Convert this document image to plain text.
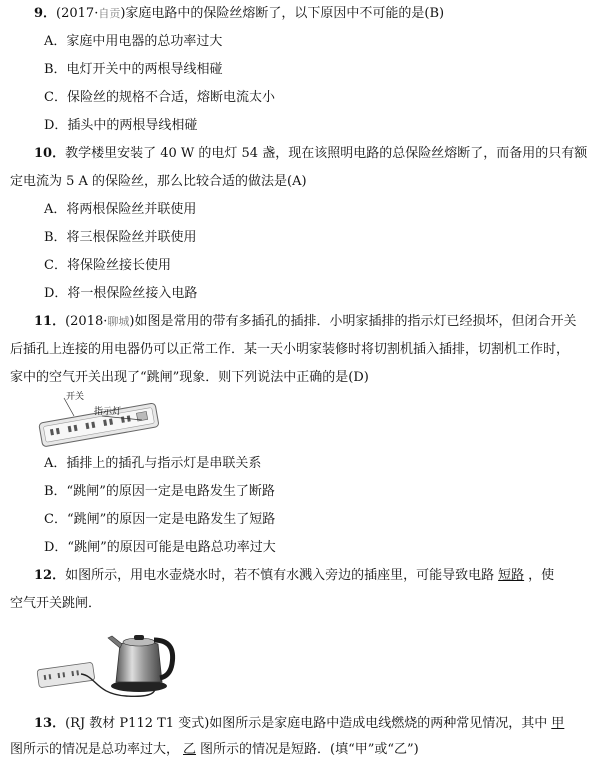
9．(2017·自贡)家庭电路中的保险丝熔断了，以下原因中不可能的是(B)
A．家庭中用电器的总功率过大
B．电灯开关中的两根导线相碰
C．保险丝的规格不合适，熔断电流太小
D．插头中的两根导线相碰
10．教学楼里安装了 40 W 的电灯 54 盏，现在该照明电路的总保险丝熔断了，而备用的只有额
定电流为 5 A 的保险丝，那么比较合适的做法是(A)
A．将两根保险丝并联使用
B．将三根保险丝并联使用
C．将保险丝接长使用
D．将一根保险丝接入电路
11．(2018·聊城)如图是常用的带有多插孔的插排．小明家插排的指示灯已经损坏，但闭合开关
后插孔上连接的用电器仍可以正常工作．某一天小明家装修时将切割机插入插排，切割机工作时，
家中的空气开关出现了“跳闸”现象．则下列说法中正确的是(D)
开关
指示灯
A．插排上的插孔与指示灯是串联关系
B．“跳闸”的原因一定是电路发生了断路
C．“跳闸”的原因一定是电路发生了短路
D．“跳闸”的原因可能是电路总功率过大
12．如图所示，用电水壶烧水时，若不慎有水溅入旁边的插座里，可能导致电路 短路 ，使
空气开关跳闸．
13．(RJ 教材 P112 T1 变式)如图所示是家庭电路中造成电线燃烧的两种常见情况，其中 甲
图所示的情况是总功率过大， 乙 图所示的情况是短路．(填“甲”或“乙”)
